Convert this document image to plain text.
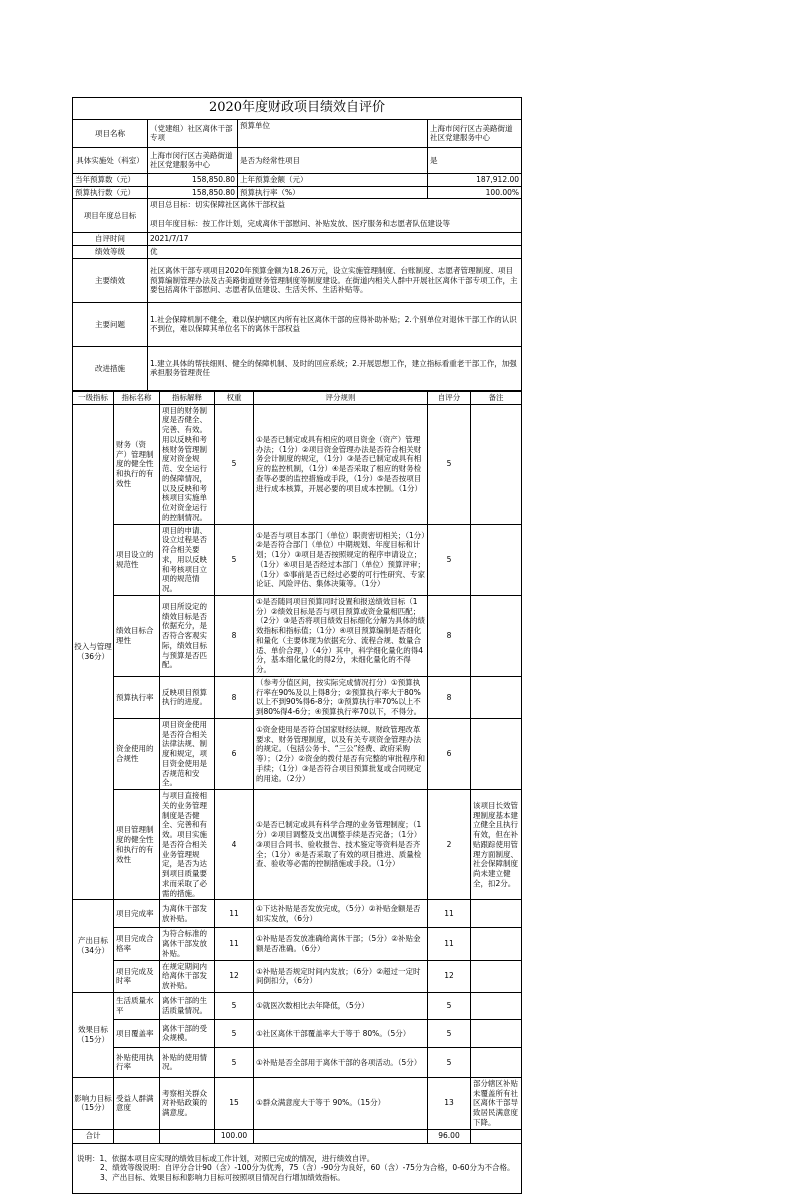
2020年度财政项目绩效自评价			
项目名称	（党建组）社区离休干部专项	预算单位	上海市闵行区古美路街道社区党建服务中心
具体实施处（科室）	上海市闵行区古美路街道社区党建服务中心	是否为经常性项目	是
当年预算数（元）	158,850.80	上年预算金额（元）	187,912.00
预算执行数（元）	158,850.80	预算执行率（%）	100.00%
项目年度总目标	项目总目标：切实保障社区离休干部权益
项目年度目标：按工作计划，完成离休干部慰问、补贴发放、医疗服务和志愿者队伍建设等		

自评时间	2021/7/17		
绩效等级	优		
主要绩效	社区离休干部专项项目2020年预算金额为18.26万元，设立实施管理制度、台账制度、志愿者管理制度、项目预算编制管理办法及古美路街道财务管理制度等制度建设。在街道内相关人群中开展社区离休干部专项工作，主要包括离休干部慰问、志愿者队伍建设、生活关怀、生活补贴等。		
主要问题	1.社会保障机制不健全，难以保护辖区内所有社区离休干部的应得补助补贴；2.个别单位对退休干部工作的认识不到位，难以保障其单位名下的离休干部权益		
改进措施	1.建立具体的帮扶细则、健全的保障机制、及时的回应系统；2.开展思想工作，建立指标看重老干部工作，加强承担服务管理责任		
一级指标	指标名称	指标解释	权重	评分规则	自评分	备注
投入与管理（36分）	财务（资产）管理制度的健全性和执行的有效性	项目的财务制度是否健全、完善、有效。用以反映和考核财务管理制度对资金规范、安全运行的保障情况，以及反映和考核项目实施单位对资金运行的控制情况。	5	①是否已制定或具有相应的项目资金（资产）管理办法；（1分）②项目资金管理办法是否符合相关财务会计制度的规定，（1分）③是否已制定或具有相应的监控机制，（1分）④是否采取了相应的财务检查等必要的监控措施或手段，（1分）⑤是否按项目进行成本核算，开展必要的项目成本控制。（1分）	5	
	项目设立的规范性	项目的申请、设立过程是否符合相关要求，用以反映和考核项目立项的规范情况。	5	①是否与项目本部门（单位）职责密切相关；（1分）②是否符合部门（单位）中期规划、年度目标和计划；（1分）③项目是否按照规定的程序申请设立；（1分）④项目是否经过本部门（单位）预算评审；（1分）⑤事前是否已经过必要的可行性研究、专家论证、风险评估、集体决策等。（1分）	5	
	绩效目标合理性	项目所设定的绩效目标是否依据充分，是否符合客观实际，绩效目标与预算是否匹配。	8	①是否随同项目预算同时设置和报送绩效目标（1分）②绩效目标是否与项目预算或资金量相匹配；（2分）③是否将项目绩效目标细化分解为具体的绩效指标和指标值；（1分）④项目预算编制是否细化和量化（主要体现为依据充分、流程合规、数量合适、单价合理，）（4分）其中，科学细化量化的得4分，基本细化量化的得2分，未细化量化的不得分。	8	
	预算执行率	反映项目预算执行的进度。	8	（参考分值区间，按实际完成情况打分）①预算执行率在90%及以上得8分；②预算执行率大于80%以上不到90%得6-8分；③预算执行率70%以上不到80%得4-6分；④预算执行率70以下，不得分。	8	
	资金使用的合规性	项目资金使用是否符合相关法律法规、制度和规定，项目资金使用是否规范和安全。	6	①资金使用是否符合国家财经法规、财政管理改革要求、财务管理制度，以及有关专项资金管理办法的规定。（包括公务卡、“三公”经费、政府采购等）；（2分）②资金的拨付是否有完整的审批程序和手续；（1分）③是否符合项目预算批复或合同规定的用途。（2分）	6	
	项目管理制度的健全性和执行的有效性	与项目直接相关的业务管理制度是否健全、完善和有效。项目实施是否符合相关业务管理规定，是否为达到项目质量要求而采取了必需的措施。	4	①是否已制定或具有科学合理的业务管理制度；（1分）②项目调整及支出调整手续是否完备；（1分）③项目合同书、验收报告、技术鉴定等资料是否齐全；（1分）④是否采取了有效的项目推进、质量检查、验收等必需的控制措施或手段。（1分）	2	该项目长效管理制度基本建立健全且执行有效，但在补贴跟踪使用管理方面制度、社会保障制度尚未建立健全，扣2分。
产出目标（34分）	项目完成率	为离休干部发放补贴。	11	①下达补贴是否发放完成，（5分）②补贴金额是否如实发放，（6分）	11	
	项目完成合格率	为符合标准的离休干部发放补贴。	11	①补贴是否发放准确给离休干部；（5分）②补贴金额是否准确。（6分）	11	
	项目完成及时率	在规定期间内给离休干部发放补贴。	12	①补贴是否规定时间内发放；（6分）②超过一定时间倒扣分，（6分）	12	
效果目标（15分）	生活质量水平	离休干部的生活质量情况。	5	①就医次数相比去年降低，（5分）	5	
	项目覆盖率	离休干部的受众规模。	5	①社区离休干部覆盖率大于等于 80%。（5分）	5	
	补贴使用执行率	补贴的使用情况。	5	①补贴是否全部用于离休干部的各项活动。（5分）	5	
影响力目标（15分）	受益人群满意度	考察相关群众对补贴政策的满意度。	15	①群众满意度大于等于 90%。（15分）	13	部分辖区补贴未覆盖所有社区离休干部导致居民满意度下降。
合计			100.00		96.00	

说明：1、依据本项目应实现的绩效目标或工作计划，对照已完成的情况，进行绩效自评。
2、绩效等级说明：自评分合计90（含）-100分为优秀，75（含）-90分为良好，60（含）-75分为合格，0-60分为不合格。
3、产出目标、效果目标和影响力目标可按照项目情况自行增加绩效指标。						
